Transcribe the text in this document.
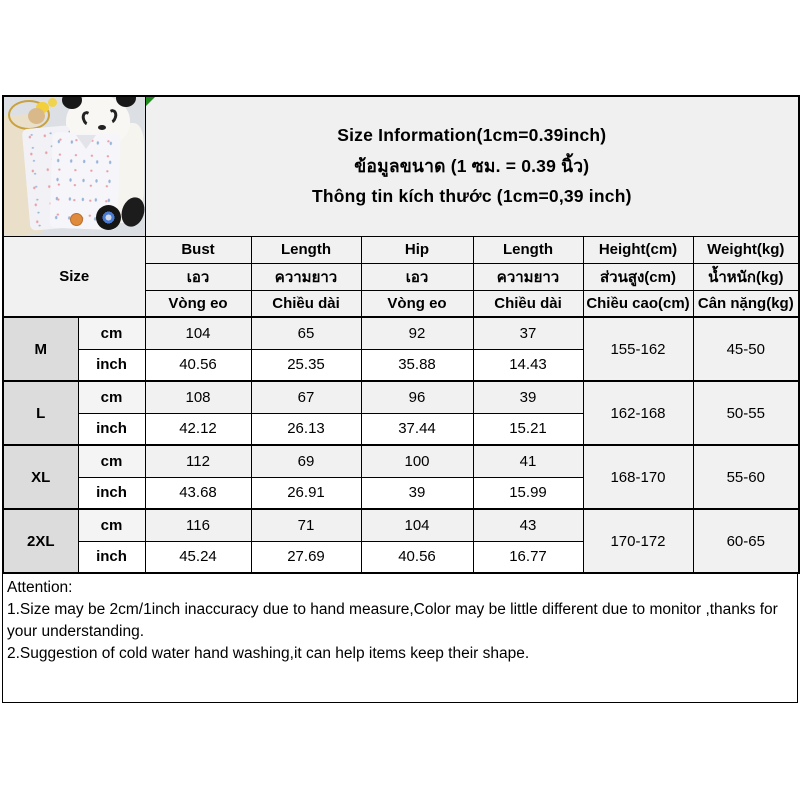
		Size Information(1cm=0.39inch)
ข้อมูลขนาด (1 ซม. = 0.39 นิ้ว)
Thông tin kích thước (1cm=0,39 inch)					

Size		Bust	Length	Hip	Length	Height(cm)	Weight(kg)
		เอว	ความยาว	เอว	ความยาว	ส่วนสูง(cm)	น้ำหนัก(kg)
		Vòng eo	Chiều dài	Vòng eo	Chiều dài	Chiều cao(cm)	Cân nặng(kg)
M	cm	104	65	92	37	155-162	45-50
	inch	40.56	25.35	35.88	14.43		
L	cm	108	67	96	39	162-168	50-55
	inch	42.12	26.13	37.44	15.21		
XL	cm	112	69	100	41	168-170	55-60
	inch	43.68	26.91	39	15.99		
2XL	cm	116	71	104	43	170-172	60-65
	inch	45.24	27.69	40.56	16.77		
Attention:
1.Size may be 2cm/1inch inaccuracy due to hand measure,Color may be little different due to monitor ,thanks for your understanding.
2.Suggestion of cold water hand washing,it can help items keep their shape.
